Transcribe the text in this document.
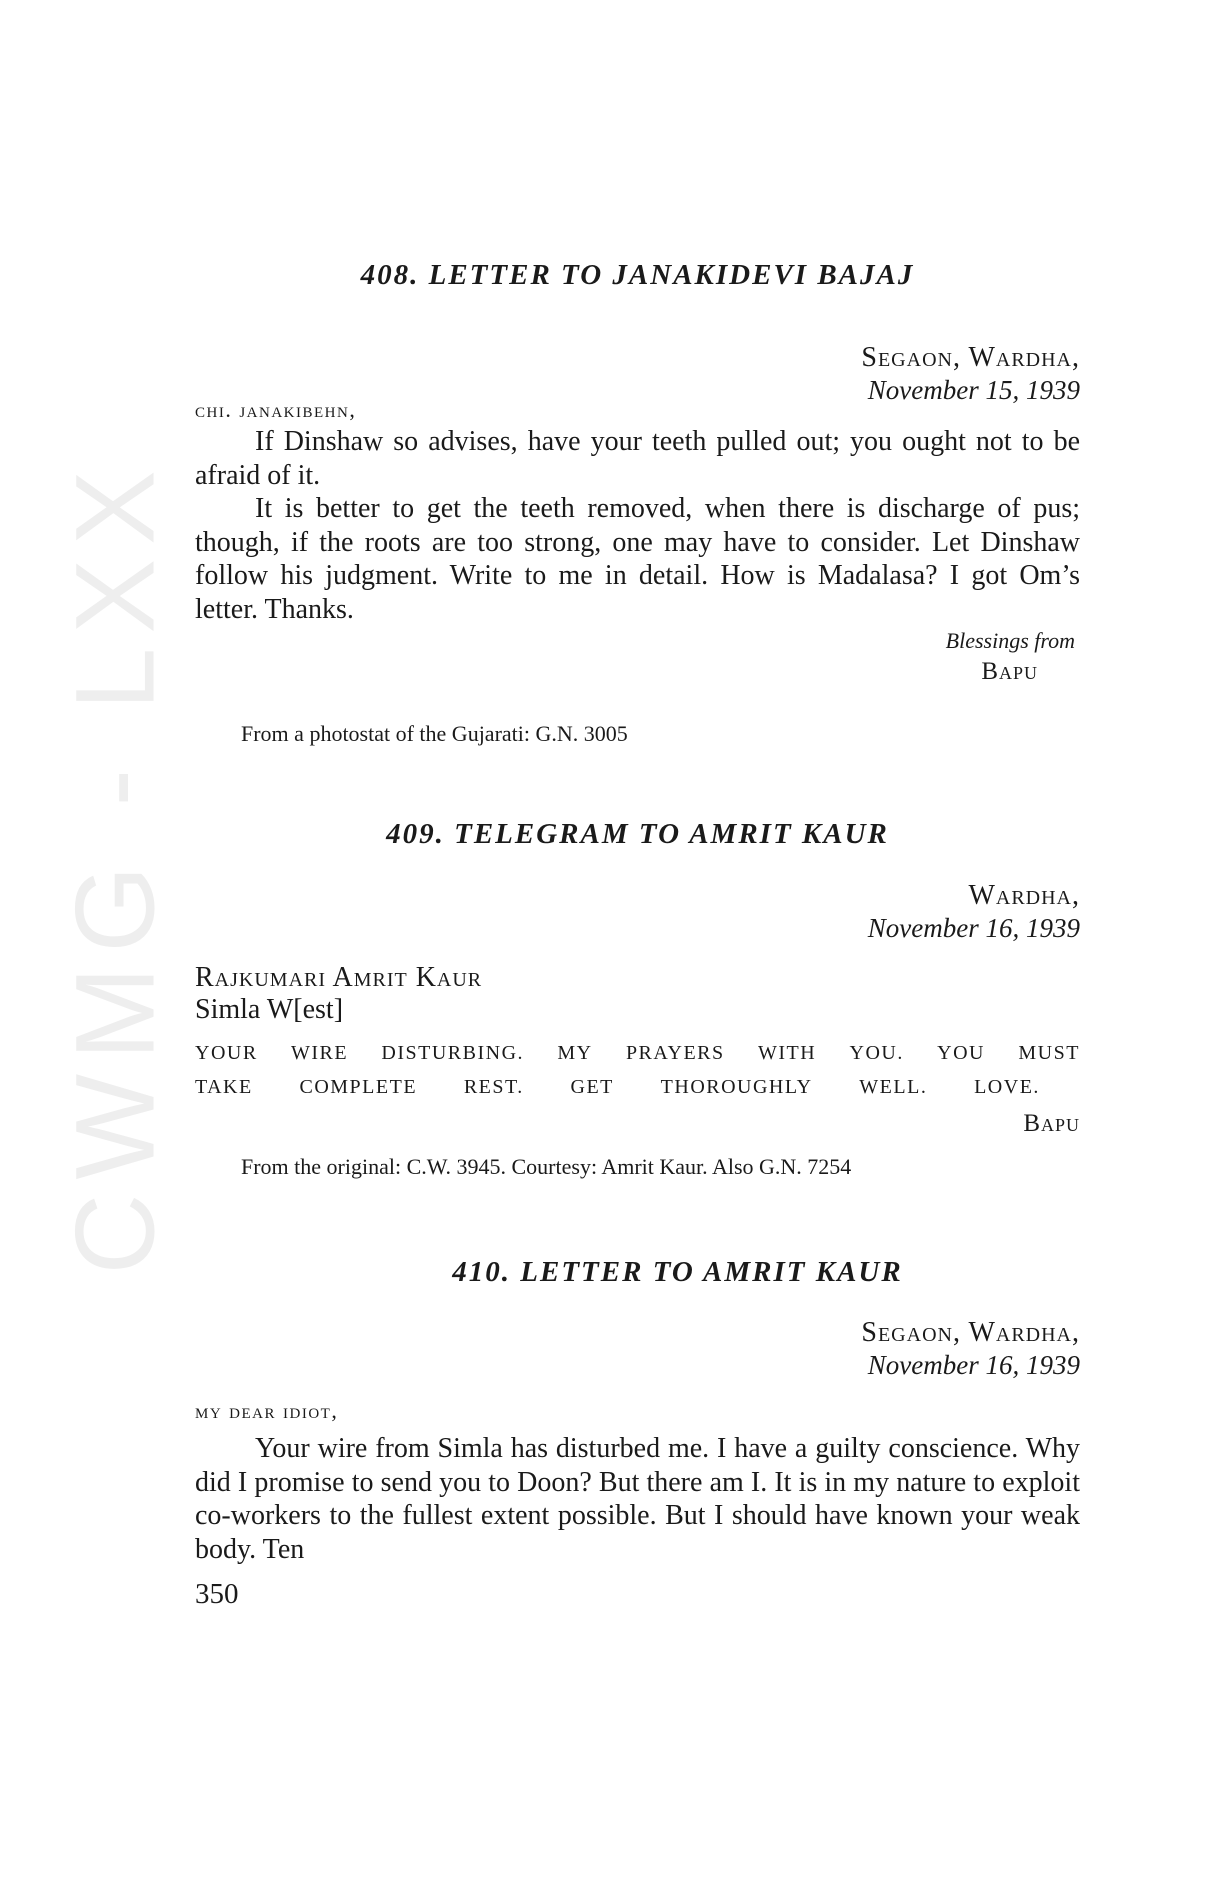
CWMG - LXX
408. LETTER TO JANAKIDEVI BAJAJ
Segaon, Wardha,
November 15, 1939
chi. janakibehn,

If Dinshaw so advises, have your teeth pulled out; you ought not to be afraid of it.

It is better to get the teeth removed, when there is discharge of pus; though, if the roots are too strong, one may have to consider. Let Dinshaw follow his judgment. Write to me in detail. How is Madalasa? I got Om’s letter. Thanks.

Blessings from
Bapu
From a photostat of the Gujarati: G.N. 3005
409. TELEGRAM TO AMRIT KAUR
Wardha,
November 16, 1939
Rajkumari Amrit Kaur
Simla W[est]
YOUR WIRE DISTURBING. MY PRAYERS WITH YOU. YOU MUST
TAKE COMPLETE REST. GET THOROUGHLY WELL. LOVE.
Bapu
From the original: C.W. 3945. Courtesy: Amrit Kaur. Also G.N. 7254
410. LETTER TO AMRIT KAUR
Segaon, Wardha,
November 16, 1939
my dear idiot,

Your wire from Simla has disturbed me. I have a guilty conscience. Why did I promise to send you to Doon? But there am I. It is in my nature to exploit co-workers to the fullest extent possible. But I should have known your weak body. Ten

350
